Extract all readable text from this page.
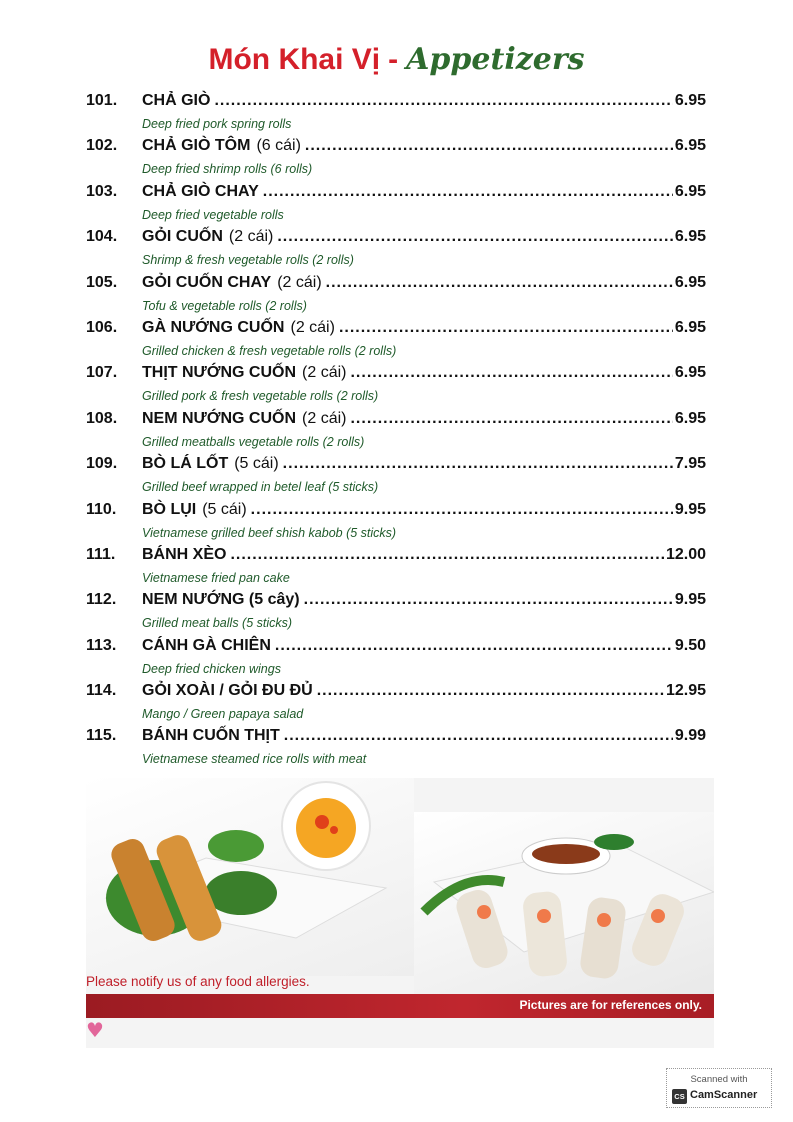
Món Khai Vị - Appetizers
101.	CHẢ GIÒ .....	6.95
Deep fried pork spring rolls
102.	CHẢ GIÒ TÔM (6 cái) .....	6.95
Deep fried shrimp rolls (6 rolls)
103.	CHẢ GIÒ CHAY .....	6.95
Deep fried vegetable rolls
104.	GỎI CUỐN (2 cái) .....	6.95
Shrimp & fresh vegetable rolls (2 rolls)
105.	GỎI CUỐN CHAY (2 cái) .....	6.95
Tofu & vegetable rolls (2 rolls)
106.	GÀ NƯỚNG CUỐN (2 cái) .....	6.95
Grilled chicken & fresh vegetable rolls (2 rolls)
107.	THỊT NƯỚNG CUỐN (2 cái) .....	6.95
Grilled pork & fresh vegetable rolls (2 rolls)
108.	NEM NƯỚNG CUỐN (2 cái) .....	6.95
Grilled meatballs vegetable rolls (2 rolls)
109.	BÒ LÁ LỐT (5 cái) .....	7.95
Grilled beef wrapped in betel leaf (5 sticks)
110.	BÒ LỤI (5 cái) .....	9.95
Vietnamese grilled beef shish kabob (5 sticks)
111.	BÁNH XÈO .....	12.00
Vietnamese fried pan cake
112.	NEM NƯỚNG (5 cây) .....	9.95
Grilled meat balls (5 sticks)
113.	CÁNH GÀ CHIÊN .....	9.50
Deep fried chicken wings
114.	GỎI XOÀI / GỎI ĐU ĐỦ .....	12.95
Mango / Green papaya salad
115.	BÁNH CUỐN THỊT .....	9.99
Vietnamese steamed rice rolls with meat
Please notify us of any food allergies.
Pictures are for references only.
♥
Scanned with
CS CamScanner
